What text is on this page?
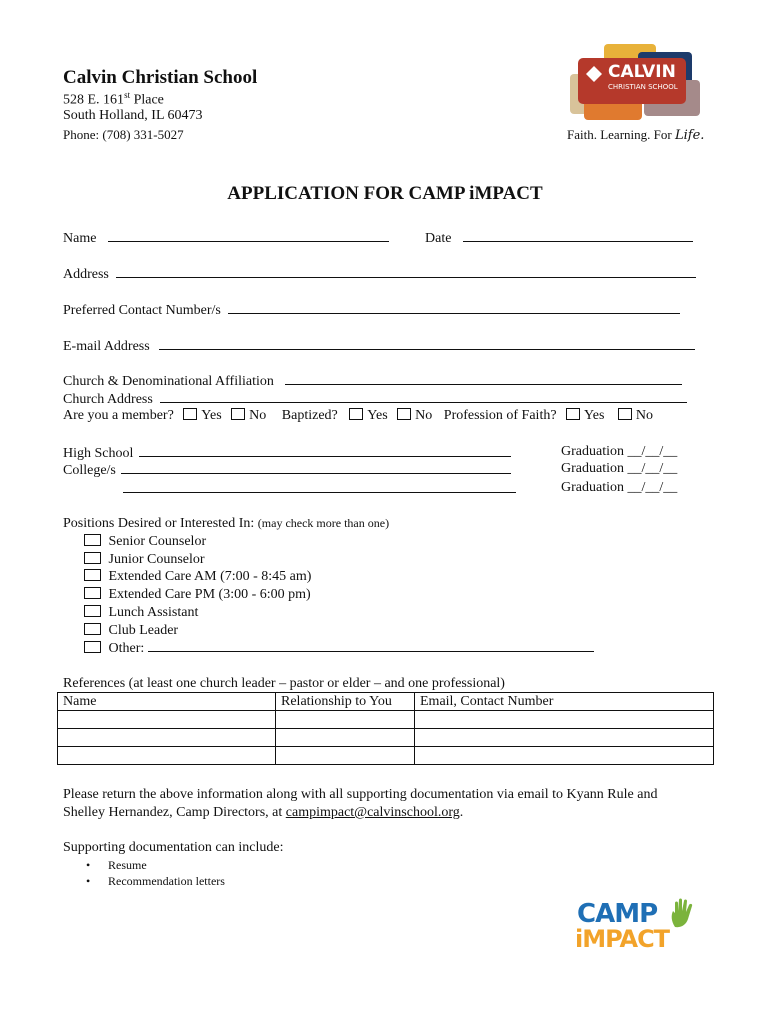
Calvin Christian School
528 E. 161st Place
South Holland, IL 60473
Phone: (708) 331-5027	Faith. Learning. For Life.
CALVIN
CHRISTIAN SCHOOL
APPLICATION FOR CAMP iMPACT
Name	Date
Address
Preferred Contact Number/s
E-mail Address
Church & Denominational Affiliation
Church Address
Are you a member? Yes No Baptized? Yes No Profession of Faith? Yes No
High School
College/s
Graduation __/__/__
Graduation __/__/__
Graduation __/__/__
Positions Desired or Interested In: (may check more than one)
Senior Counselor
Junior Counselor
Extended Care AM (7:00 - 8:45 am)
Extended Care PM (3:00 - 6:00 pm)
Lunch Assistant
Club Leader
Other:
References (at least one church leader – pastor or elder – and one professional)
Name	Relationship to You	Email, Contact Number

Please return the above information along with all supporting documentation via email to Kyann Rule and
Shelley Hernandez, Camp Directors, at campimpact@calvinschool.org.
Supporting documentation can include:
• Resume
• Recommendation letters
CAMP
iMPACT
